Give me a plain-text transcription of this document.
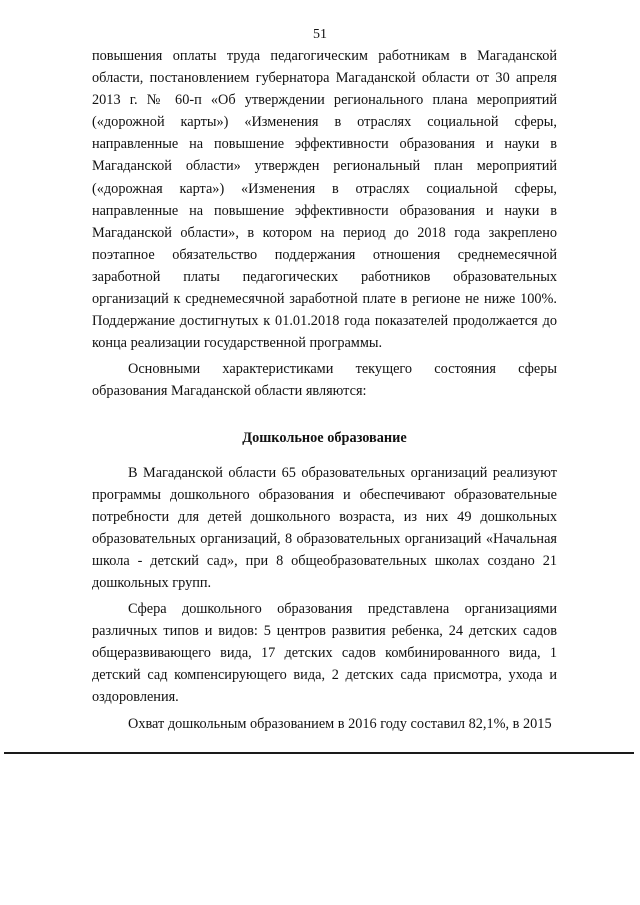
51

повышения оплаты труда педагогическим работникам в Магаданской области, постановлением губернатора Магаданской области от 30 апреля 2013 г. № 60-п «Об утверждении регионального плана мероприятий («дорожной карты») «Изменения в отраслях социальной сферы, направленные на повышение эффективности образования и науки в Магаданской области» утвержден региональный план мероприятий («дорожная карта») «Изменения в отраслях социальной сферы, направленные на повышение эффективности образования и науки в Магаданской области», в котором на период до 2018 года закреплено поэтапное обязательство поддержания отношения среднемесячной заработной платы педагогических работников образовательных организаций к среднемесячной заработной плате в регионе не ниже 100%. Поддержание достигнутых к 01.01.2018 года показателей продолжается до конца реализации государственной программы.

Основными характеристиками текущего состояния сферы образования Магаданской области являются:

Дошкольное образование

В Магаданской области 65 образовательных организаций реализуют программы дошкольного образования и обеспечивают образовательные потребности для детей дошкольного возраста, из них 49 дошкольных образовательных организаций, 8 образовательных организаций «Начальная школа - детский сад», при 8 общеобразовательных школах создано 21 дошкольных групп.

Сфера дошкольного образования представлена организациями различных типов и видов: 5 центров развития ребенка, 24 детских садов общеразвивающего вида, 17 детских садов комбинированного вида, 1 детский сад компенсирующего вида, 2 детских сада присмотра, ухода и оздоровления.

Охват дошкольным образованием в 2016 году составил 82,1%, в 2015
